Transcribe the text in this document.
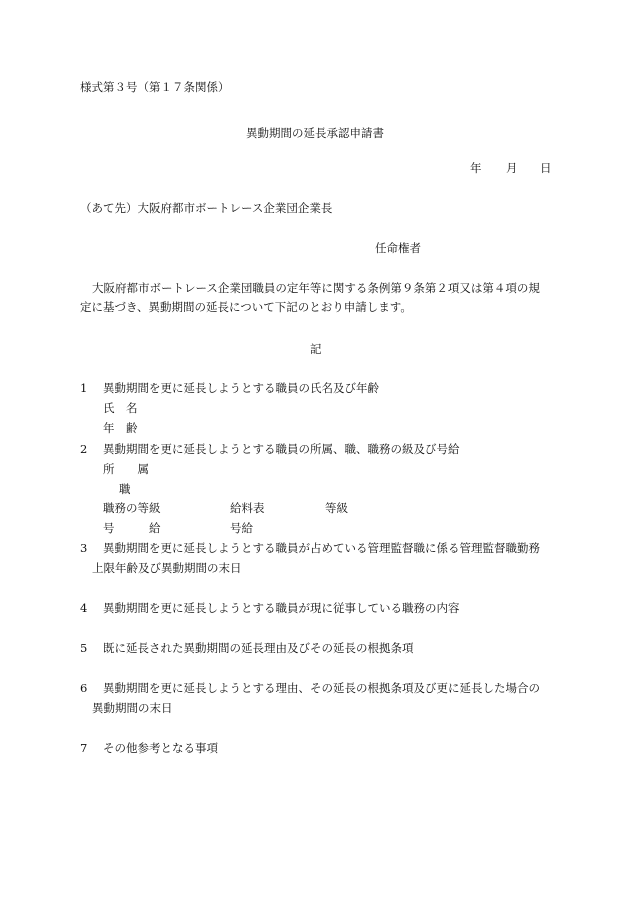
様式第３号（第１７条関係）

異動期間の延長承認申請書

年 月 日

（あて先）大阪府都市ボートレース企業団企業長

任命権者

大阪府都市ボートレース企業団職員の定年等に関する条例第９条第２項又は第４項の規

定に基づき、異動期間の延長について下記のとおり申請します。

記

1 異動期間を更に延長しようとする職員の氏名及び年齢

氏　名

年　齢

2 異動期間を更に延長しようとする職員の所属、職、職務の級及び号給

所　　属

職

職務の等級	給料表	等級

号　　　給	号給

3 異動期間を更に延長しようとする職員が占めている管理監督職に係る管理監督職勤務

上限年齢及び異動期間の末日

4 異動期間を更に延長しようとする職員が現に従事している職務の内容

5 既に延長された異動期間の延長理由及びその延長の根拠条項

6 異動期間を更に延長しようとする理由、その延長の根拠条項及び更に延長した場合の

異動期間の末日

7 その他参考となる事項
